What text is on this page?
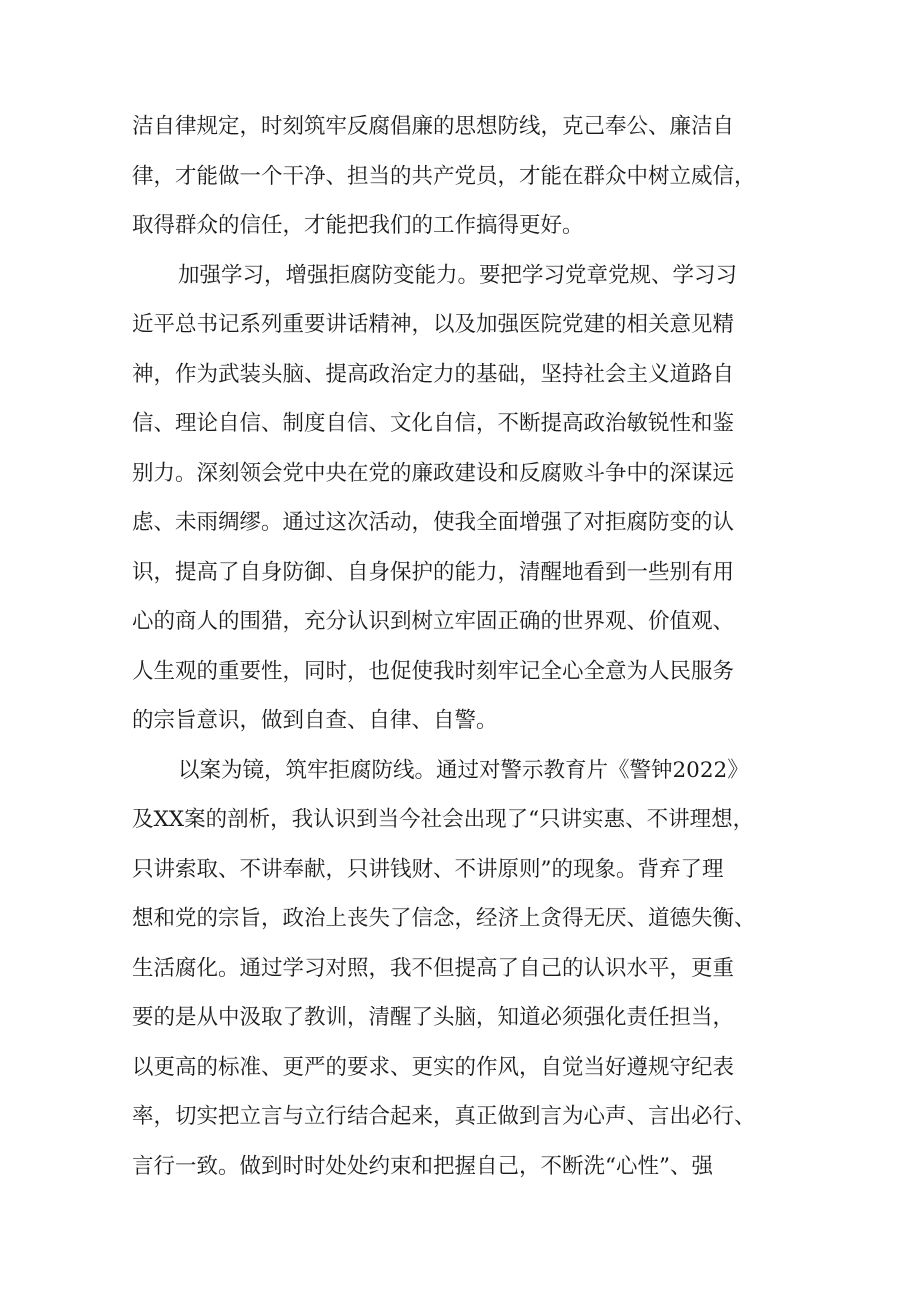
洁自律规定，时刻筑牢反腐倡廉的思想防线，克己奉公、廉洁自
律，才能做一个干净、担当的共产党员，才能在群众中树立威信，
取得群众的信任，才能把我们的工作搞得更好。
加强学习，增强拒腐防变能力。要把学习党章党规、学习习
近平总书记系列重要讲话精神，以及加强医院党建的相关意见精
神，作为武装头脑、提高政治定力的基础，坚持社会主义道路自
信、理论自信、制度自信、文化自信，不断提高政治敏锐性和鉴
别力。深刻领会党中央在党的廉政建设和反腐败斗争中的深谋远
虑、未雨绸缪。通过这次活动，使我全面增强了对拒腐防变的认
识，提高了自身防御、自身保护的能力，清醒地看到一些别有用
心的商人的围猎，充分认识到树立牢固正确的世界观、价值观、
人生观的重要性，同时，也促使我时刻牢记全心全意为人民服务
的宗旨意识，做到自查、自律、自警。
以案为镜，筑牢拒腐防线。通过对警示教育片《警钟2022》
及XX案的剖析，我认识到当今社会出现了“只讲实惠、不讲理想，
只讲索取、不讲奉献，只讲钱财、不讲原则”的现象。背弃了理
想和党的宗旨，政治上丧失了信念，经济上贪得无厌、道德失衡、
生活腐化。通过学习对照，我不但提高了自己的认识水平，更重
要的是从中汲取了教训，清醒了头脑，知道必须强化责任担当，
以更高的标准、更严的要求、更实的作风，自觉当好遵规守纪表
率，切实把立言与立行结合起来，真正做到言为心声、言出必行、
言行一致。做到时时处处约束和把握自己，不断洗“心性”、强
